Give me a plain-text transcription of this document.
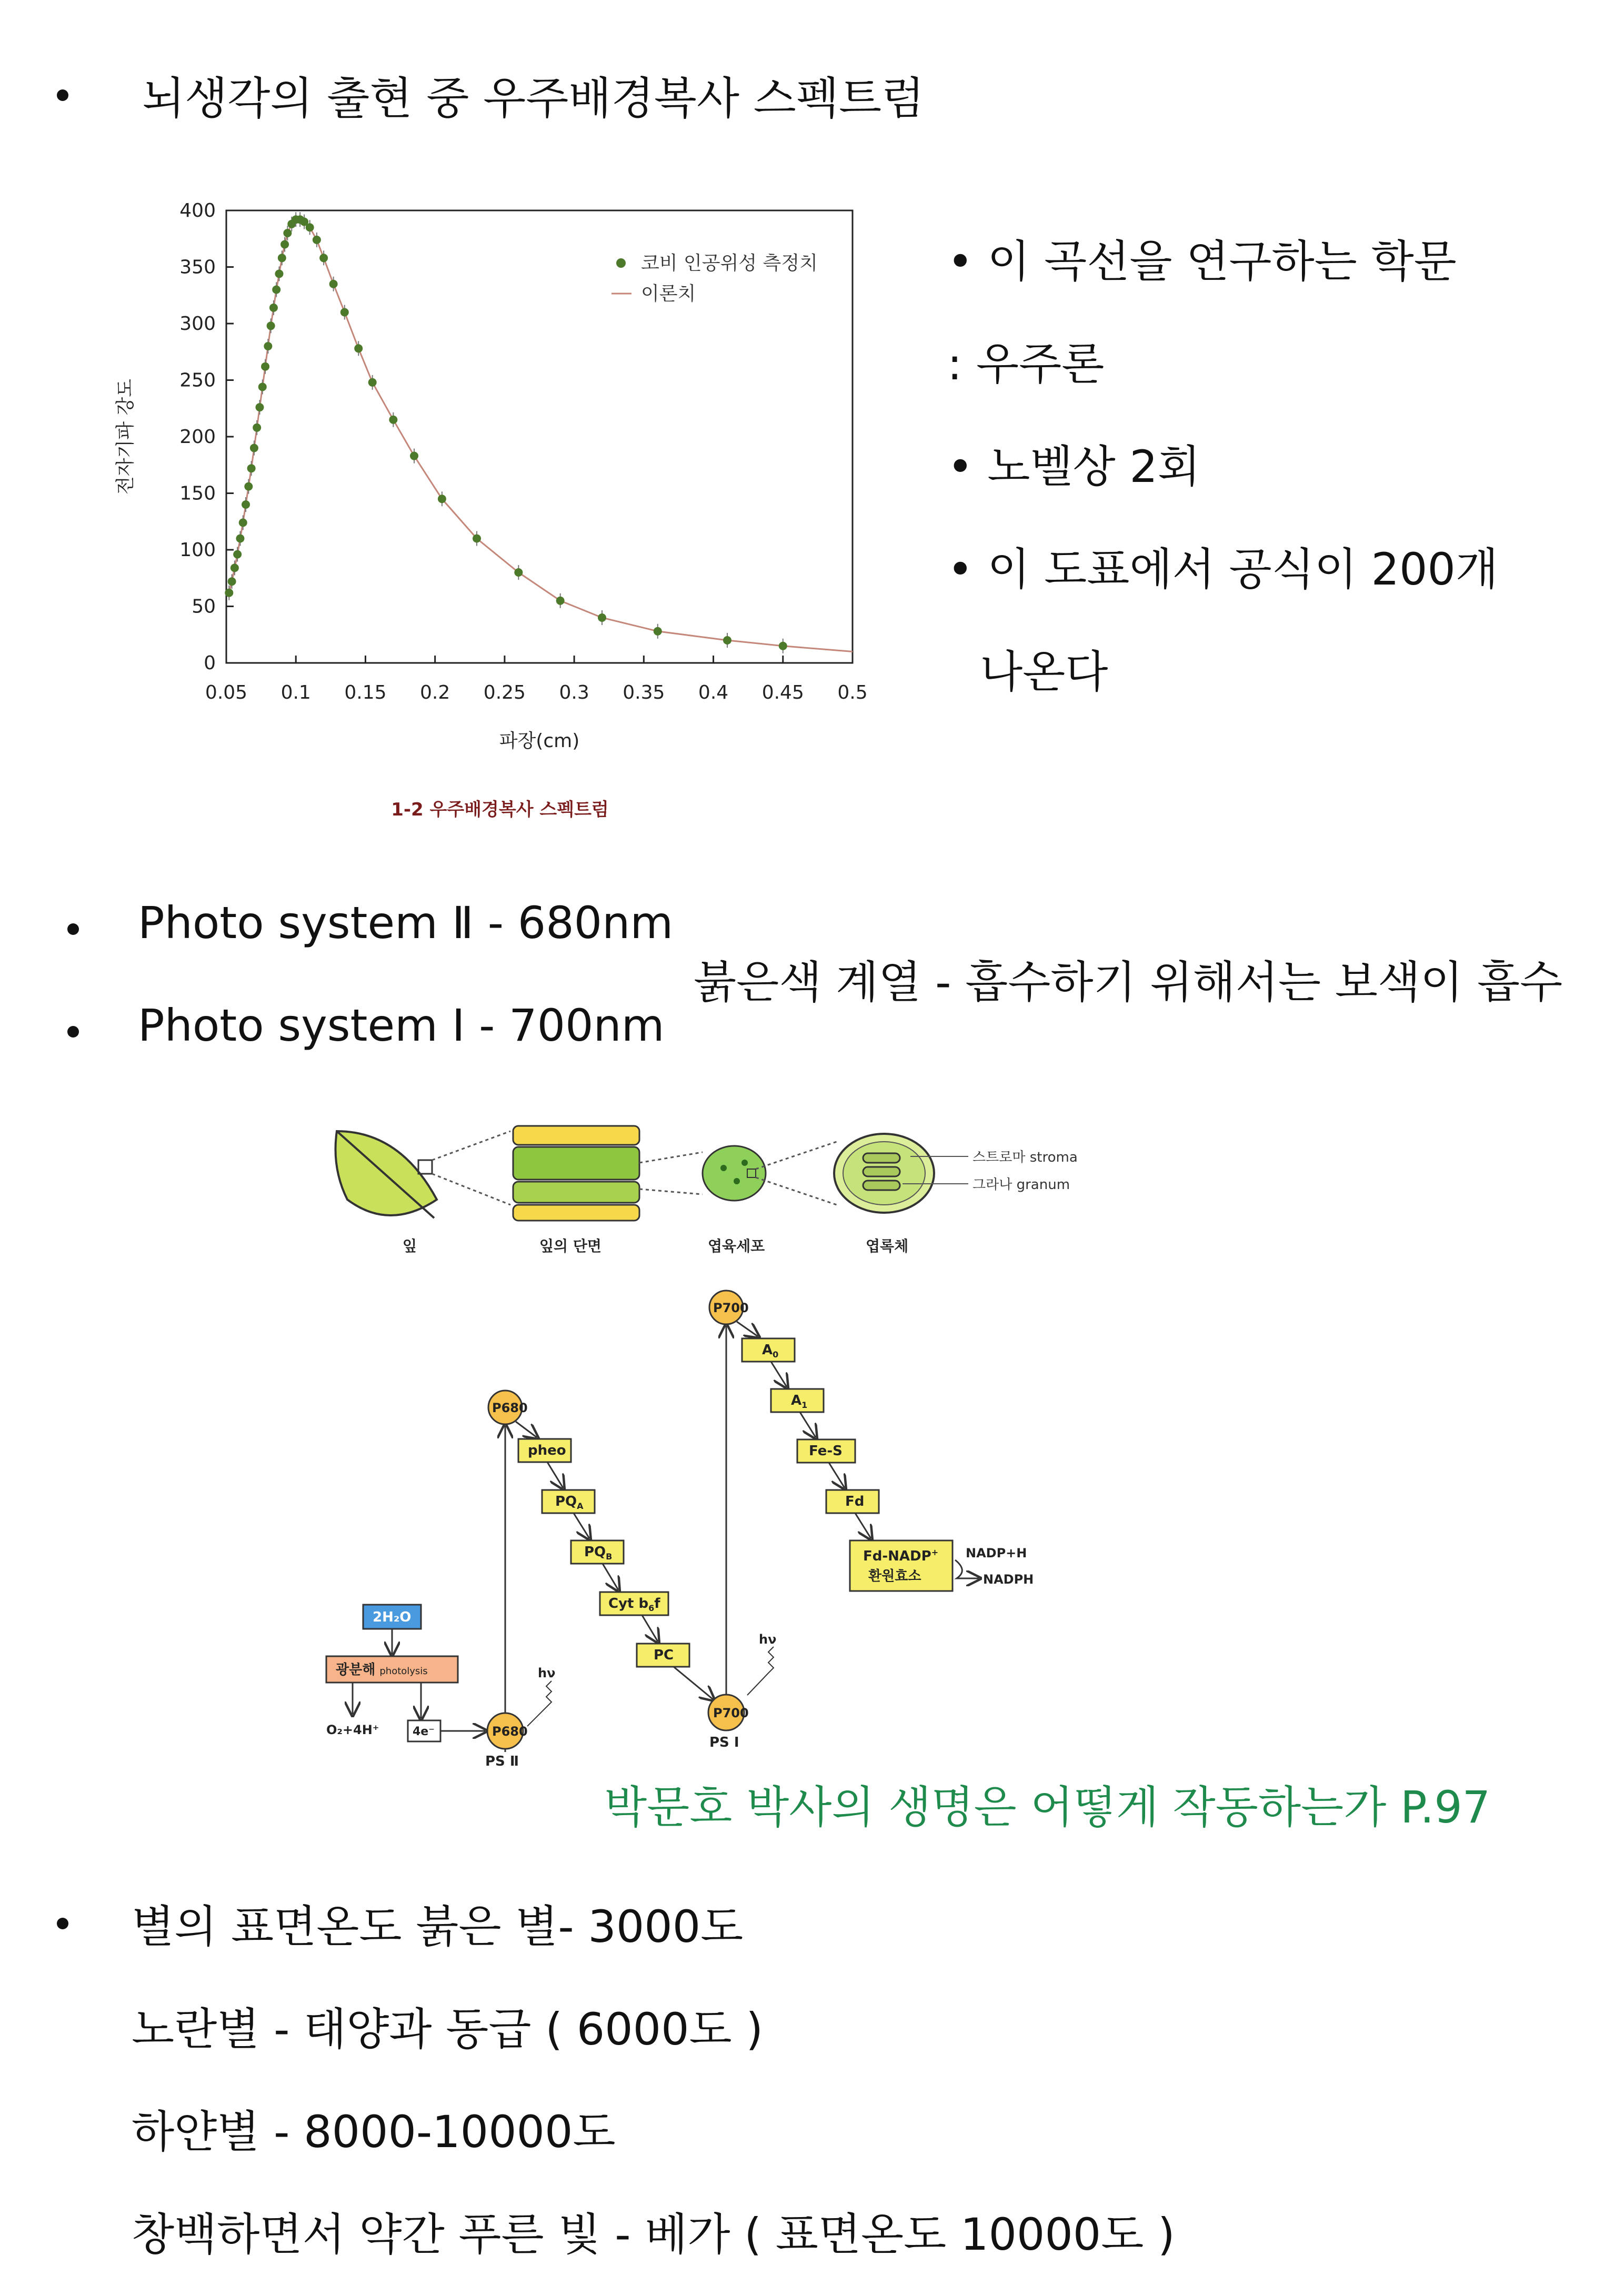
뇌생각의 출현 중 우주배경복사 스펙트럼
0
50
100
150
200
250
300
350
400
0.05 0.1 0.15 0.2 0.25 0.3 0.35 0.4 0.45 0.5
코비 인공위성 측정치
이론치
파장(cm)
전자기파 강도
1-2 우주배경복사 스펙트럼
• 이 곡선을 연구하는 학문
: 우주론
• 노벨상 2회
• 이 도표에서 공식이 200개
나온다
Photo system Ⅱ - 680nm
Photo system Ⅰ - 700nm
붉은색 계열 - 흡수하기 위해서는 보색이 흡수
스트로마 stroma
그라나 granum
잎	잎의 단면	엽육세포	엽록체
P680
pheo
$PQ_A$
$PQ_B$
Cyt $b_6f$
PC
P700
$A_0$
$A_1$
Fe-S
Fd
Fd-NADP+
환원효소
NADP+H
NADPH
2H₂O
광분해 photolysis
O₂+4H⁺	4e⁻	P680
PS Ⅱ
hν
P700
PS Ⅰ
hν
박문호 박사의 생명은 어떻게 작동하는가 P.97
별의 표면온도 붉은 별- 3000도
노란별 - 태양과 동급 ( 6000도 )
하얀별 - 8000-10000도
창백하면서 약간 푸른 빛 - 베가 ( 표면온도 10000도 )
